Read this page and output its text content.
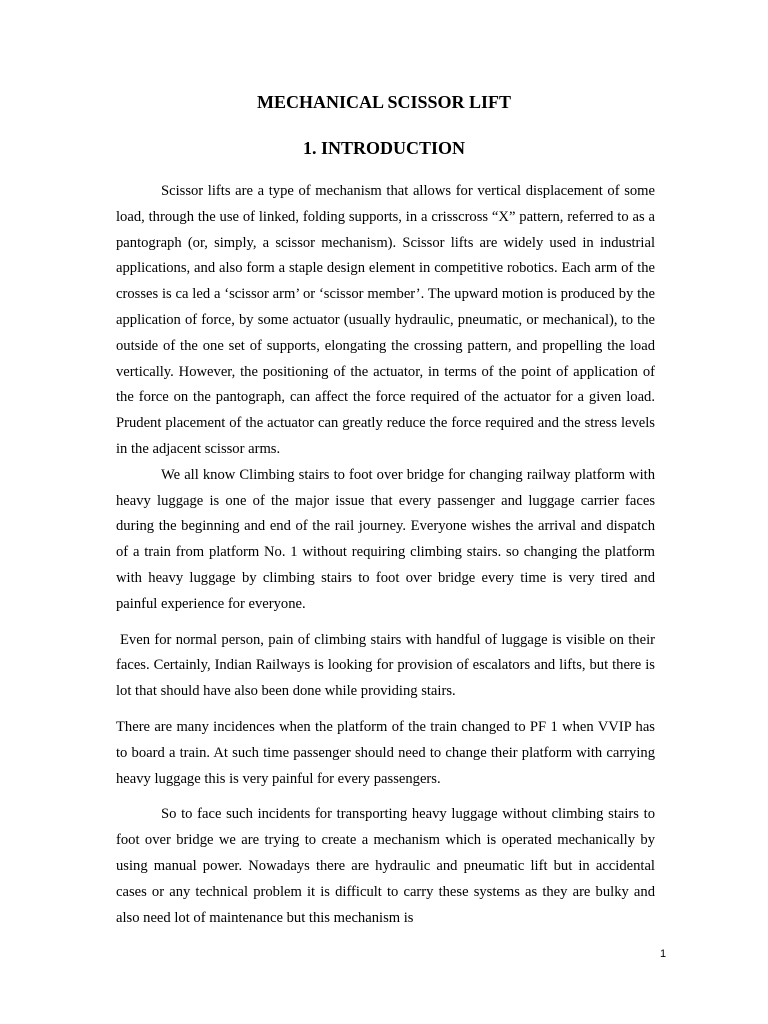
MECHANICAL SCISSOR LIFT
1. INTRODUCTION

Scissor lifts are a type of mechanism that allows for vertical displacement of some load, through the use of linked, folding supports, in a crisscross “X” pattern, referred to as a pantograph (or, simply, a scissor mechanism). Scissor lifts are widely used in industrial applications, and also form a staple design element in competitive robotics. Each arm of the crosses is ca led a ‘scissor arm’ or ‘scissor member’. The upward motion is produced by the application of force, by some actuator (usually hydraulic, pneumatic, or mechanical), to the outside of the one set of supports, elongating the crossing pattern, and propelling the load vertically. However, the positioning of the actuator, in terms of the point of application of the force on the pantograph, can affect the force required of the actuator for a given load. Prudent placement of the actuator can greatly reduce the force required and the stress levels in the adjacent scissor arms.

We all know Climbing stairs to foot over bridge for changing railway platform with heavy luggage is one of the major issue that every passenger and luggage carrier faces during the beginning and end of the rail journey. Everyone wishes the arrival and dispatch of a train from platform No. 1 without requiring climbing stairs. so changing the platform with heavy luggage by climbing stairs to foot over bridge every time is very tired and painful experience for everyone.

Even for normal person, pain of climbing stairs with handful of luggage is visible on their faces. Certainly, Indian Railways is looking for provision of escalators and lifts, but there is lot that should have also been done while providing stairs.

There are many incidences when the platform of the train changed to PF 1 when VVIP has to board a train. At such time passenger should need to change their platform with carrying heavy luggage this is very painful for every passengers.

So to face such incidents for transporting heavy luggage without climbing stairs to foot over bridge we are trying to create a mechanism which is operated mechanically by using manual power. Nowadays there are hydraulic and pneumatic lift but in accidental cases or any technical problem it is difficult to carry these systems as they are bulky and also need lot of maintenance but this mechanism is

1
